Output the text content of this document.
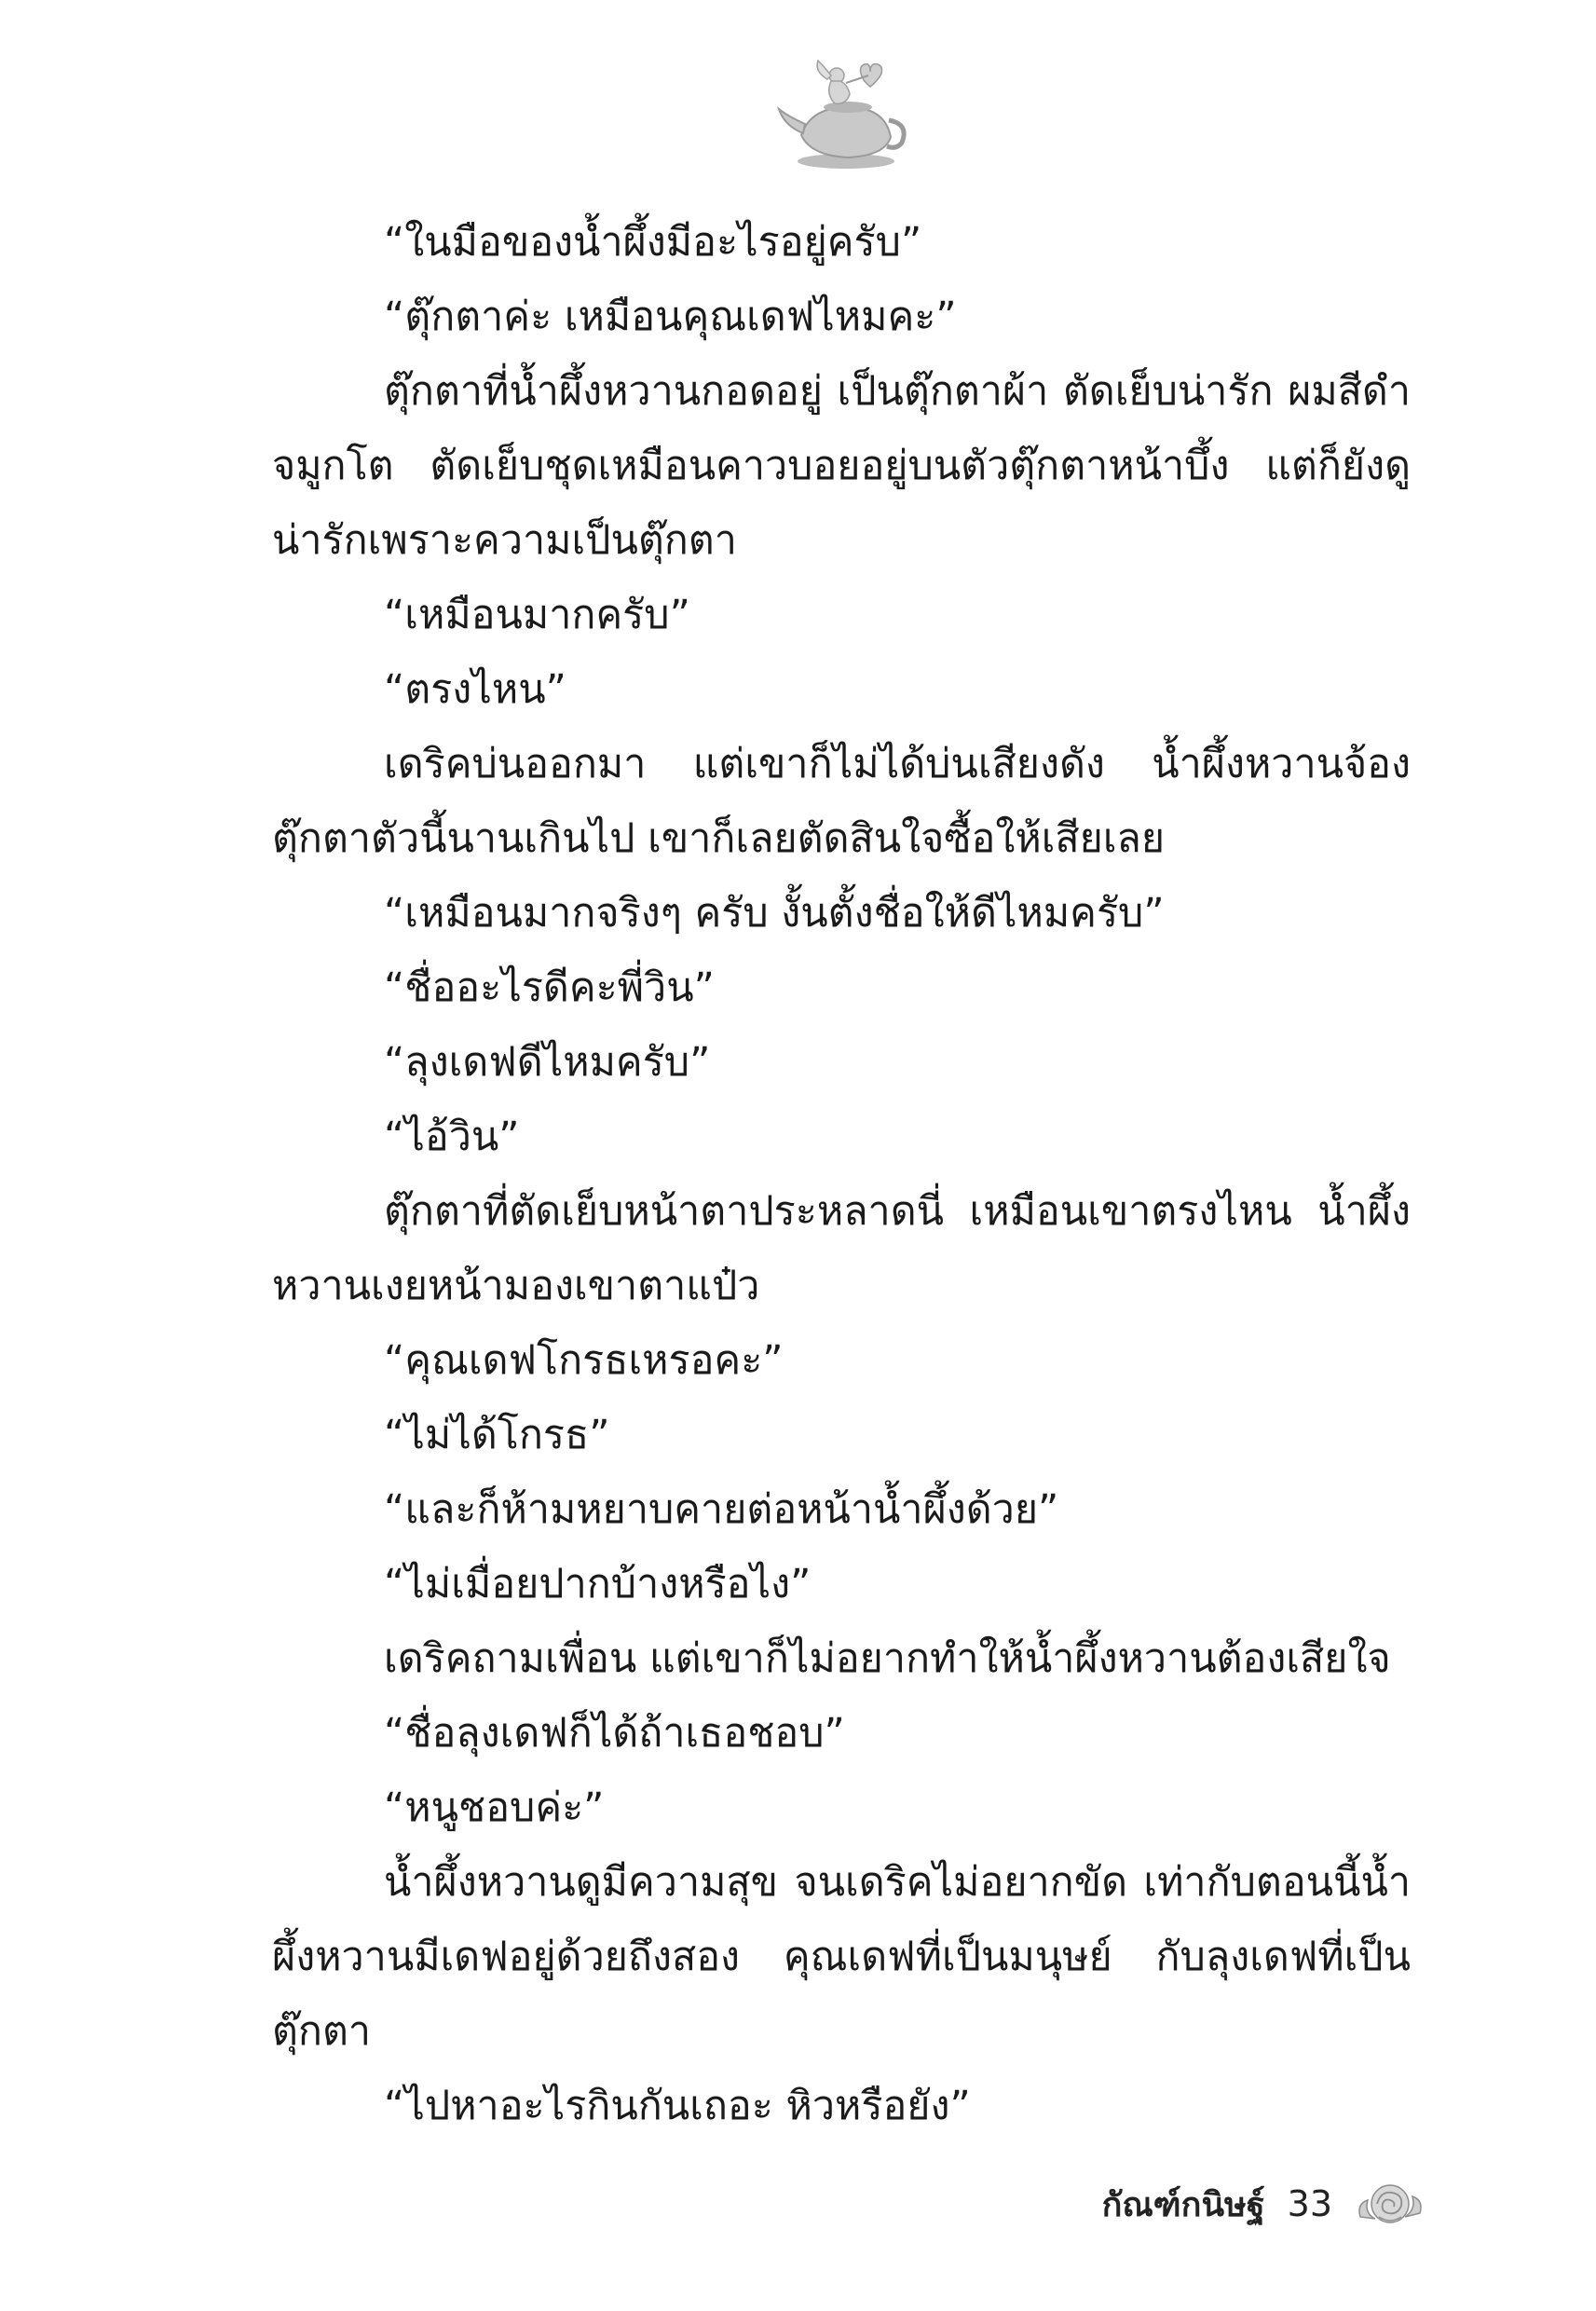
“ในมือของน้ำผึ้งมีอะไรอยู่ครับ”

“ตุ๊กตาค่ะ เหมือนคุณเดฟไหมคะ”

ตุ๊กตาที่น้ำผึ้งหวานกอดอยู่ เป็นตุ๊กตาผ้า ตัดเย็บน่ารัก ผมสีดำ จมูกโต ตัดเย็บชุดเหมือนคาวบอยอยู่บนตัวตุ๊กตาหน้าบึ้ง แต่ก็ยังดูน่ารักเพราะความเป็นตุ๊กตา

“เหมือนมากครับ”

“ตรงไหน”

เดริคบ่นออกมา แต่เขาก็ไม่ได้บ่นเสียงดัง น้ำผึ้งหวานจ้องตุ๊กตาตัวนี้นานเกินไป เขาก็เลยตัดสินใจซื้อให้เสียเลย

“เหมือนมากจริงๆ ครับ งั้นตั้งชื่อให้ดีไหมครับ”

“ชื่ออะไรดีคะพี่วิน”

“ลุงเดฟดีไหมครับ”

“ไอ้วิน”

ตุ๊กตาที่ตัดเย็บหน้าตาประหลาดนี่ เหมือนเขาตรงไหน น้ำผึ้งหวานเงยหน้ามองเขาตาแป๋ว

“คุณเดฟโกรธเหรอคะ”

“ไม่ได้โกรธ”

“และก็ห้ามหยาบคายต่อหน้าน้ำผึ้งด้วย”

“ไม่เมื่อยปากบ้างหรือไง”

เดริคถามเพื่อน แต่เขาก็ไม่อยากทำให้น้ำผึ้งหวานต้องเสียใจ

“ชื่อลุงเดฟก็ได้ถ้าเธอชอบ”

“หนูชอบค่ะ”

น้ำผึ้งหวานดูมีความสุข จนเดริคไม่อยากขัด เท่ากับตอนนี้น้ำผึ้งหวานมีเดฟอยู่ด้วยถึงสอง คุณเดฟที่เป็นมนุษย์ กับลุงเดฟที่เป็นตุ๊กตา

“ไปหาอะไรกินกันเถอะ หิวหรือยัง”

กัณฑ์กนิษฐ์ 33
